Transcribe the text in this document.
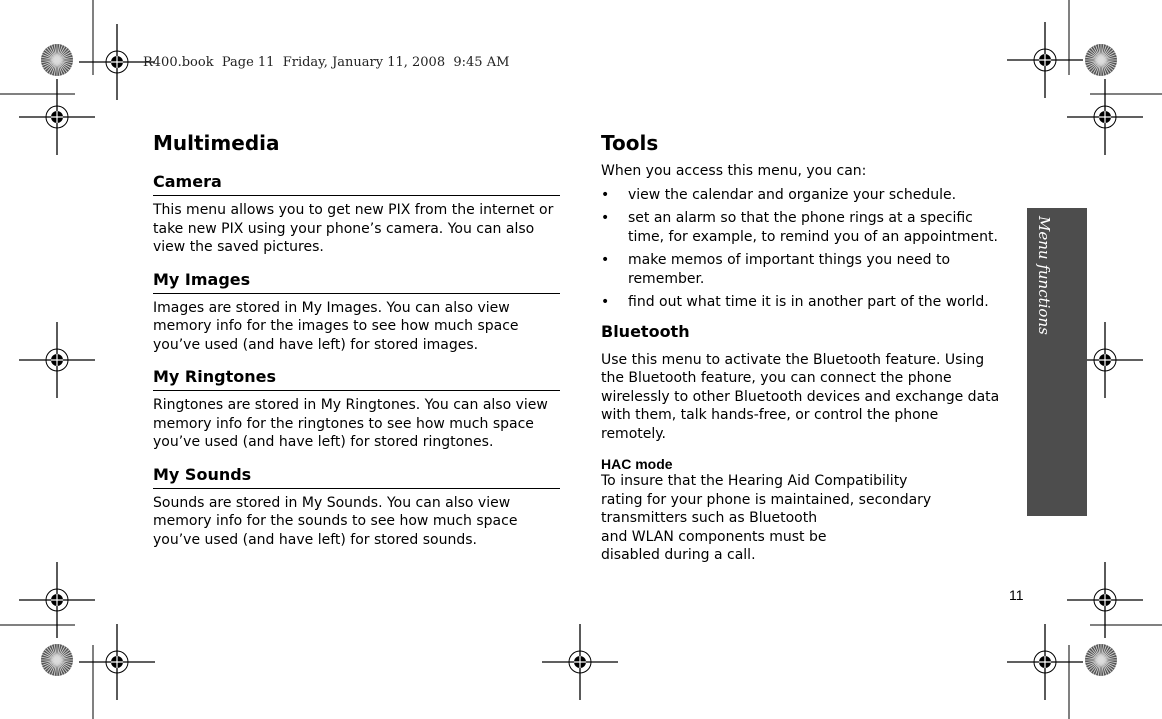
R400.book  Page 11  Friday, January 11, 2008  9:45 AM
Multimedia
Camera

This menu allows you to get new PIX from the internet or take new PIX using your phone’s camera. You can also view the saved pictures.

My Images

Images are stored in My Images. You can also view memory info for the images to see how much space you’ve used (and have left) for stored images.

My Ringtones

Ringtones are stored in My Ringtones. You can also view memory info for the ringtones to see how much space you’ve used (and have left) for stored ringtones.

My Sounds

Sounds are stored in My Sounds. You can also view memory info for the sounds to see how much space you’ve used (and have left) for stored sounds.

Tools

When you access this menu, you can:

• view the calendar and organize your schedule.
• set an alarm so that the phone rings at a specific time, for example, to remind you of an appointment.
• make memos of important things you need to remember.
• find out what time it is in another part of the world.
Bluetooth

Use this menu to activate the Bluetooth feature. Using the Bluetooth feature, you can connect the phone wirelessly to other Bluetooth devices and exchange data with them, talk hands-free, or control the phone remotely.

HAC mode
To insure that the Hearing Aid Compatibility
rating for your phone is maintained, secondary
transmitters such as Bluetooth
and WLAN components must be
disabled during a call.
Menu functions
11
